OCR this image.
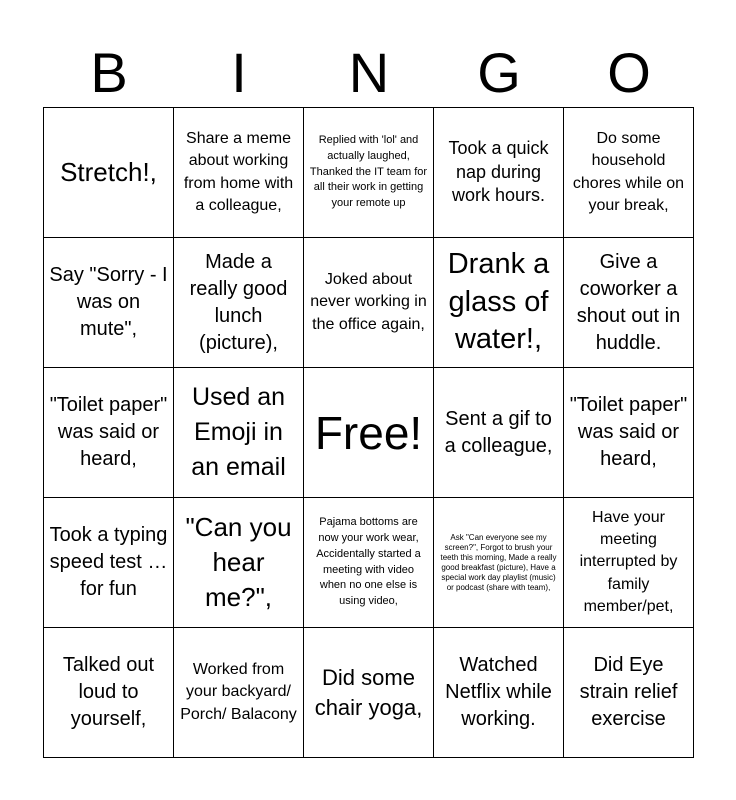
B	I	N	G	O
Stretch!,
Share a meme about working from home with a colleague,
Replied with 'lol' and actually laughed, Thanked the IT team for all their work in getting your remote up
Took a quick nap during work hours.
Do some household chores while on your break,
Say "Sorry - I was on mute",
Made a really good lunch (picture),
Joked about never working in the office again,
Drank a glass of water!,
Give a coworker a shout out in huddle.
"Toilet paper" was said or heard,
Used an Emoji in an email
Free!	Sent a gif to a colleague,
"Toilet paper" was said or heard,
Took a typing speed test … for fun
"Can you hear me?",
Pajama bottoms are now your work wear, Accidentally started a meeting with video when no one else is using video,
Ask "Can everyone see my screen?", Forgot to brush your teeth this morning, Made a really good breakfast (picture), Have a special work day playlist (music) or podcast (share with team),
Have your meeting interrupted by family member/pet,
Talked out loud to yourself,
Worked from your backyard/ Porch/ Balacony
Did some chair yoga,
Watched Netflix while working.
Did Eye strain relief exercise
